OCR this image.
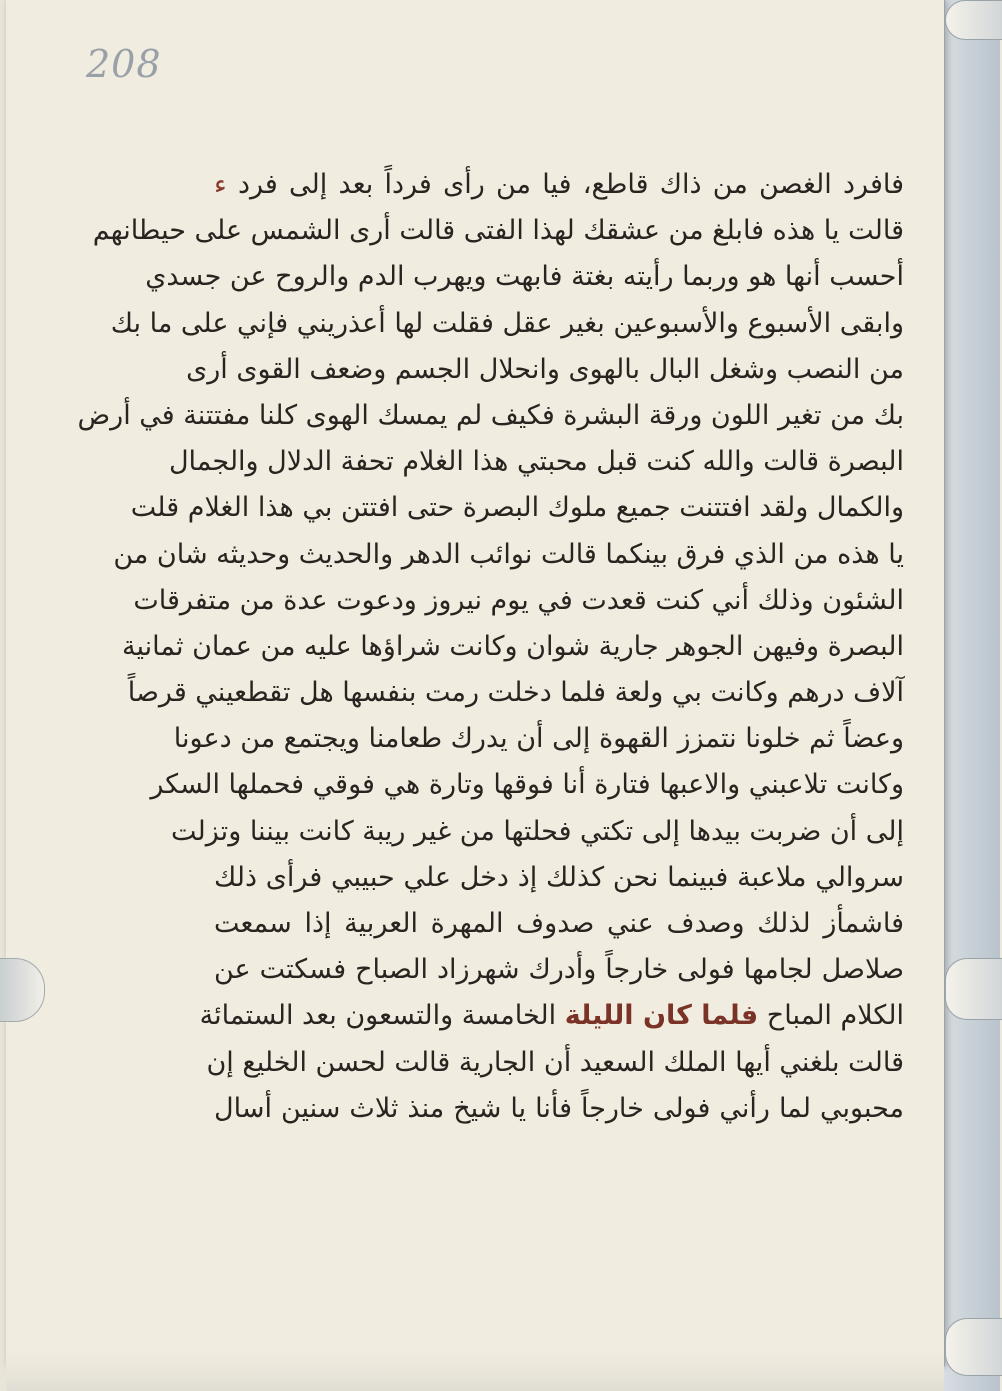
208
فافرد الغصن من ذاك قاطع، فيا من رأى فرداً بعد إلى فرد ء
قالت يا هذه فابلغ من عشقك لهذا الفتى قالت أرى الشمس على حيطانهم
أحسب أنها هو وربما رأيته بغتة فابهت ويهرب الدم والروح عن جسدي
وابقى الأسبوع والأسبوعين بغير عقل فقلت لها أعذريني فإني على ما بك
من النصب وشغل البال بالهوى وانحلال الجسم وضعف القوى أرى
بك من تغير اللون ورقة البشرة فكيف لم يمسك الهوى كلنا مفتتنة في أرض
البصرة قالت والله كنت قبل محبتي هذا الغلام تحفة الدلال والجمال
والكمال ولقد افتتنت جميع ملوك البصرة حتى افتتن بي هذا الغلام قلت
يا هذه من الذي فرق بينكما قالت نوائب الدهر والحديث وحديثه شان من
الشئون وذلك أني كنت قعدت في يوم نيروز ودعوت عدة من متفرقات
البصرة وفيهن الجوهر جارية شوان وكانت شراؤها عليه من عمان ثمانية
آلاف درهم وكانت بي ولعة فلما دخلت رمت بنفسها هل تقطعيني قرصاً
وعضاً ثم خلونا نتمزز القهوة إلى أن يدرك طعامنا ويجتمع من دعونا
وكانت تلاعبني والاعبها فتارة أنا فوقها وتارة هي فوقي فحملها السكر
إلى أن ضربت بيدها إلى تكتي فحلتها من غير ريبة كانت بيننا وتزلت
سروالي ملاعبة فبينما نحن كذلك إذ دخل علي حبيبي فرأى ذلك
فاشمأز لذلك وصدف عني صدوف المهرة العربية إذا سمعت
صلاصل لجامها فولى خارجاً وأدرك شهرزاد الصباح فسكتت عن
الكلام المباح فلما كان الليلة الخامسة والتسعون بعد الستمائة
قالت بلغني أيها الملك السعيد أن الجارية قالت لحسن الخليع إن
محبوبي لما رأني فولى خارجاً فأنا يا شيخ منذ ثلاث سنين أسال
